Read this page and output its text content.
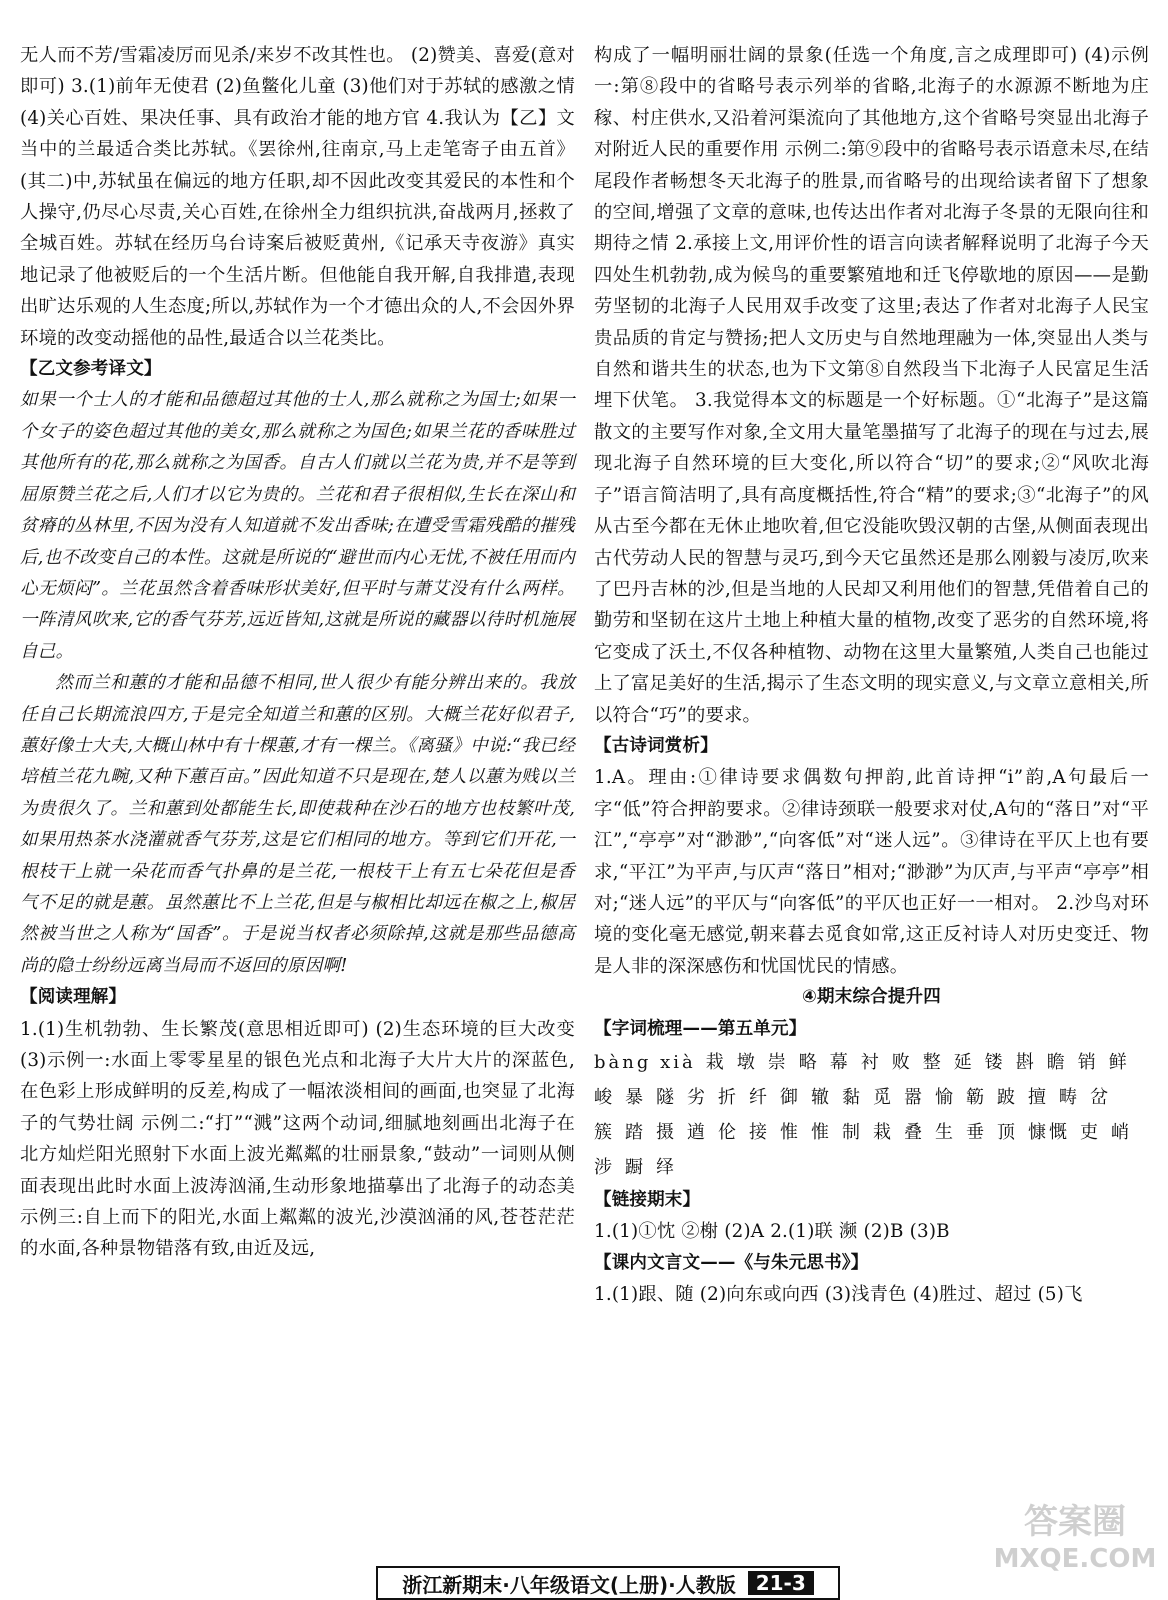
无人而不芳/雪霜凌厉而见杀/来岁不改其性也。 (2)赞美、喜爱(意对即可) 3.(1)前年无使君 (2)鱼鳖化儿童 (3)他们对于苏轼的感激之情 (4)关心百姓、果决任事、具有政治才能的地方官 4.我认为【乙】文当中的兰最适合类比苏轼。《罢徐州,往南京,马上走笔寄子由五首》(其二)中,苏轼虽在偏远的地方任职,却不因此改变其爱民的本性和个人操守,仍尽心尽责,关心百姓,在徐州全力组织抗洪,奋战两月,拯救了全城百姓。苏轼在经历乌台诗案后被贬黄州,《记承天寺夜游》真实地记录了他被贬后的一个生活片断。但他能自我开解,自我排遣,表现出旷达乐观的人生态度;所以,苏轼作为一个才德出众的人,不会因外界环境的改变动摇他的品性,最适合以兰花类比。

【乙文参考译文】

如果一个士人的才能和品德超过其他的士人,那么就称之为国士;如果一个女子的姿色超过其他的美女,那么就称之为国色;如果兰花的香味胜过其他所有的花,那么就称之为国香。自古人们就以兰花为贵,并不是等到屈原赞兰花之后,人们才以它为贵的。兰花和君子很相似,生长在深山和贫瘠的丛林里,不因为没有人知道就不发出香味;在遭受雪霜残酷的摧残后,也不改变自己的本性。这就是所说的“避世而内心无忧,不被任用而内心无烦闷”。兰花虽然含着香味形状美好,但平时与萧艾没有什么两样。一阵清风吹来,它的香气芬芳,远近皆知,这就是所说的藏器以待时机施展自己。

然而兰和蕙的才能和品德不相同,世人很少有能分辨出来的。我放任自己长期流浪四方,于是完全知道兰和蕙的区别。大概兰花好似君子,蕙好像士大夫,大概山林中有十棵蕙,才有一棵兰。《离骚》中说:“我已经培植兰花九畹,又种下蕙百亩。”因此知道不只是现在,楚人以蕙为贱以兰为贵很久了。兰和蕙到处都能生长,即使栽种在沙石的地方也枝繁叶茂,如果用热茶水浇灌就香气芬芳,这是它们相同的地方。等到它们开花,一根枝干上就一朵花而香气扑鼻的是兰花,一根枝干上有五七朵花但是香气不足的就是蕙。虽然蕙比不上兰花,但是与椒相比却远在椒之上,椒居然被当世之人称为“国香”。于是说当权者必须除掉,这就是那些品德高尚的隐士纷纷远离当局而不返回的原因啊!

【阅读理解】

1.(1)生机勃勃、生长繁茂(意思相近即可) (2)生态环境的巨大改变 (3)示例一:水面上零零星星的银色光点和北海子大片大片的深蓝色,在色彩上形成鲜明的反差,构成了一幅浓淡相间的画面,也突显了北海子的气势壮阔 示例二:“打”“溅”这两个动词,细腻地刻画出北海子在北方灿烂阳光照射下水面上波光粼粼的壮丽景象,“鼓动”一词则从侧面表现出此时水面上波涛汹涌,生动形象地描摹出了北海子的动态美 示例三:自上而下的阳光,水面上粼粼的波光,沙漠汹涌的风,苍苍茫茫的水面,各种景物错落有致,由近及远,

构成了一幅明丽壮阔的景象(任选一个角度,言之成理即可) (4)示例一:第⑧段中的省略号表示列举的省略,北海子的水源源不断地为庄稼、村庄供水,又沿着河渠流向了其他地方,这个省略号突显出北海子对附近人民的重要作用 示例二:第⑨段中的省略号表示语意未尽,在结尾段作者畅想冬天北海子的胜景,而省略号的出现给读者留下了想象的空间,增强了文章的意味,也传达出作者对北海子冬景的无限向往和期待之情 2.承接上文,用评价性的语言向读者解释说明了北海子今天四处生机勃勃,成为候鸟的重要繁殖地和迁飞停歇地的原因——是勤劳坚韧的北海子人民用双手改变了这里;表达了作者对北海子人民宝贵品质的肯定与赞扬;把人文历史与自然地理融为一体,突显出人类与自然和谐共生的状态,也为下文第⑧自然段当下北海子人民富足生活埋下伏笔。 3.我觉得本文的标题是一个好标题。①“北海子”是这篇散文的主要写作对象,全文用大量笔墨描写了北海子的现在与过去,展现北海子自然环境的巨大变化,所以符合“切”的要求;②“风吹北海子”语言简洁明了,具有高度概括性,符合“精”的要求;③“北海子”的风从古至今都在无休止地吹着,但它没能吹毁汉朝的古堡,从侧面表现出古代劳动人民的智慧与灵巧,到今天它虽然还是那么刚毅与凌厉,吹来了巴丹吉林的沙,但是当地的人民却又利用他们的智慧,凭借着自己的勤劳和坚韧在这片土地上种植大量的植物,改变了恶劣的自然环境,将它变成了沃土,不仅各种植物、动物在这里大量繁殖,人类自己也能过上了富足美好的生活,揭示了生态文明的现实意义,与文章立意相关,所以符合“巧”的要求。

【古诗词赏析】

1.A。理由:①律诗要求偶数句押韵,此首诗押“i”韵,A句最后一字“低”符合押韵要求。②律诗颈联一般要求对仗,A句的“落日”对“平江”,“亭亭”对“渺渺”,“向客低”对“迷人远”。③律诗在平仄上也有要求,“平江”为平声,与仄声“落日”相对;“渺渺”为仄声,与平声“亭亭”相对;“迷人远”的平仄与“向客低”的平仄也正好一一相对。 2.沙鸟对环境的变化毫无感觉,朝来暮去觅食如常,这正反衬诗人对历史变迁、物是人非的深深感伤和忧国忧民的情感。

④期末综合提升四

【字词梳理——第五单元】

bàng xià 栽 墩 崇 略 幕 衬 败 整 延 镂 斟 瞻 销 鲜峻 暴 隧 劣 折 纤 御 辙 黏 觅 嚣 愉 簕 跛 擅 畴 岔簇 踏 摄 遒 伦 接 惟 惟 制 栽 叠 生 垂 顶 慷慨 吏 峭涉 蹰 绎

【链接期末】

1.(1)①忱 ②榭 (2)A 2.(1)联 濒 (2)B (3)B

【课内文言文——《与朱元思书》】

1.(1)跟、随 (2)向东或向西 (3)浅青色 (4)胜过、超过 (5)飞

浙江新期末·八年级语文(上册)·人教版	21-3
答案圈
MXQE.COM
